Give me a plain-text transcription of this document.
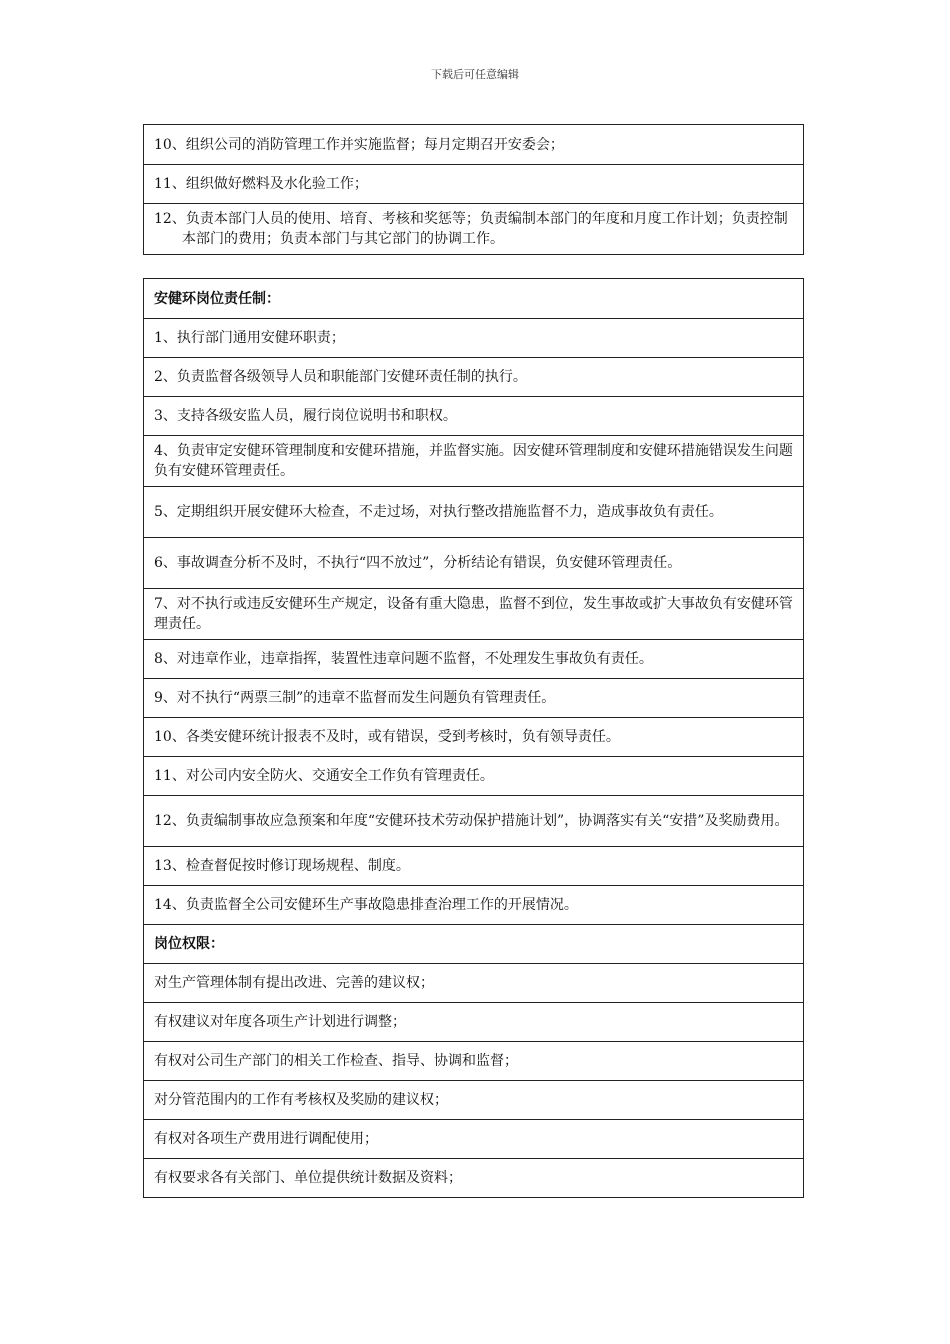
下载后可任意编辑
10、组织公司的消防管理工作并实施监督；每月定期召开安委会；
11、组织做好燃料及水化验工作；
12、负责本部门人员的使用、培育、考核和奖惩等；负责编制本部门的年度和月度工作计划；负责控制本部门的费用；负责本部门与其它部门的协调工作。
安健环岗位责任制：
1、执行部门通用安健环职责；
2、负责监督各级领导人员和职能部门安健环责任制的执行。
3、支持各级安监人员，履行岗位说明书和职权。
4、负责审定安健环管理制度和安健环措施，并监督实施。因安健环管理制度和安健环措施错误发生问题负有安健环管理责任。
5、定期组织开展安健环大检查，不走过场，对执行整改措施监督不力，造成事故负有责任。
6、事故调查分析不及时，不执行“四不放过”，分析结论有错误，负安健环管理责任。
7、对不执行或违反安健环生产规定，设备有重大隐患，监督不到位，发生事故或扩大事故负有安健环管理责任。
8、对违章作业，违章指挥，装置性违章问题不监督，不处理发生事故负有责任。
9、对不执行“两票三制”的违章不监督而发生问题负有管理责任。
10、各类安健环统计报表不及时，或有错误，受到考核时，负有领导责任。
11、对公司内安全防火、交通安全工作负有管理责任。
12、负责编制事故应急预案和年度“安健环技术劳动保护措施计划”，协调落实有关“安措”及奖励费用。
13、检查督促按时修订现场规程、制度。
14、负责监督全公司安健环生产事故隐患排查治理工作的开展情况。
岗位权限：
对生产管理体制有提出改进、完善的建议权；
有权建议对年度各项生产计划进行调整；
有权对公司生产部门的相关工作检查、指导、协调和监督；
对分管范围内的工作有考核权及奖励的建议权；
有权对各项生产费用进行调配使用；
有权要求各有关部门、单位提供统计数据及资料；
